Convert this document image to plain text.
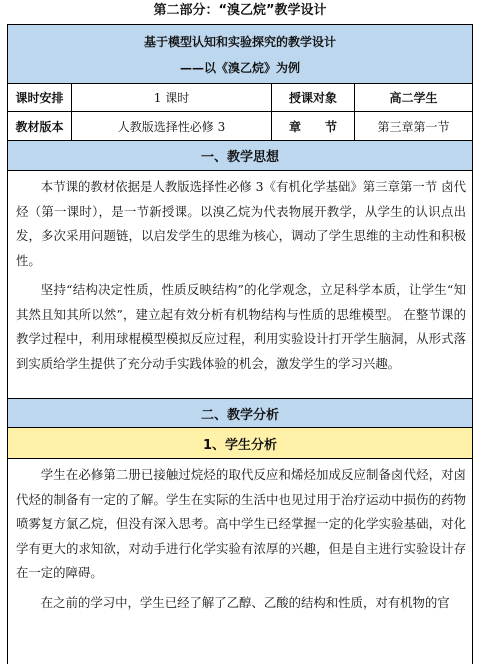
第二部分：“溴乙烷”教学设计
基于模型认知和实验探究的教学设计
——以《溴乙烷》为例
课时安排	1 课时	授课对象	高二学生
教材版本	人教版选择性必修 3	章　　节	第三章第一节
一、教学思想

本节课的教材依据是人教版选择性必修 3《有机化学基础》第三章第一节 卤代烃（第一课时），是一节新授课。以溴乙烷为代表物展开教学，从学生的认识点出发，多次采用问题链，以启发学生的思维为核心，调动了学生思维的主动性和积极性。

坚持“结构决定性质，性质反映结构”的化学观念，立足科学本质，让学生“知其然且知其所以然”，建立起有效分析有机物结构与性质的思维模型。 在整节课的教学过程中，利用球棍模型模拟反应过程，利用实验设计打开学生脑洞，从形式落到实质给学生提供了充分动手实践体验的机会，激发学生的学习兴趣。

二、教学分析
1、学生分析

学生在必修第二册已接触过烷烃的取代反应和烯烃加成反应制备卤代烃，对卤代烃的制备有一定的了解。学生在实际的生活中也见过用于治疗运动中损伤的药物喷雾复方氯乙烷，但没有深入思考。高中学生已经掌握一定的化学实验基础，对化学有更大的求知欲，对动手进行化学实验有浓厚的兴趣，但是自主进行实验设计存在一定的障碍。

在之前的学习中，学生已经了解了乙醇、乙酸的结构和性质，对有机物的官
